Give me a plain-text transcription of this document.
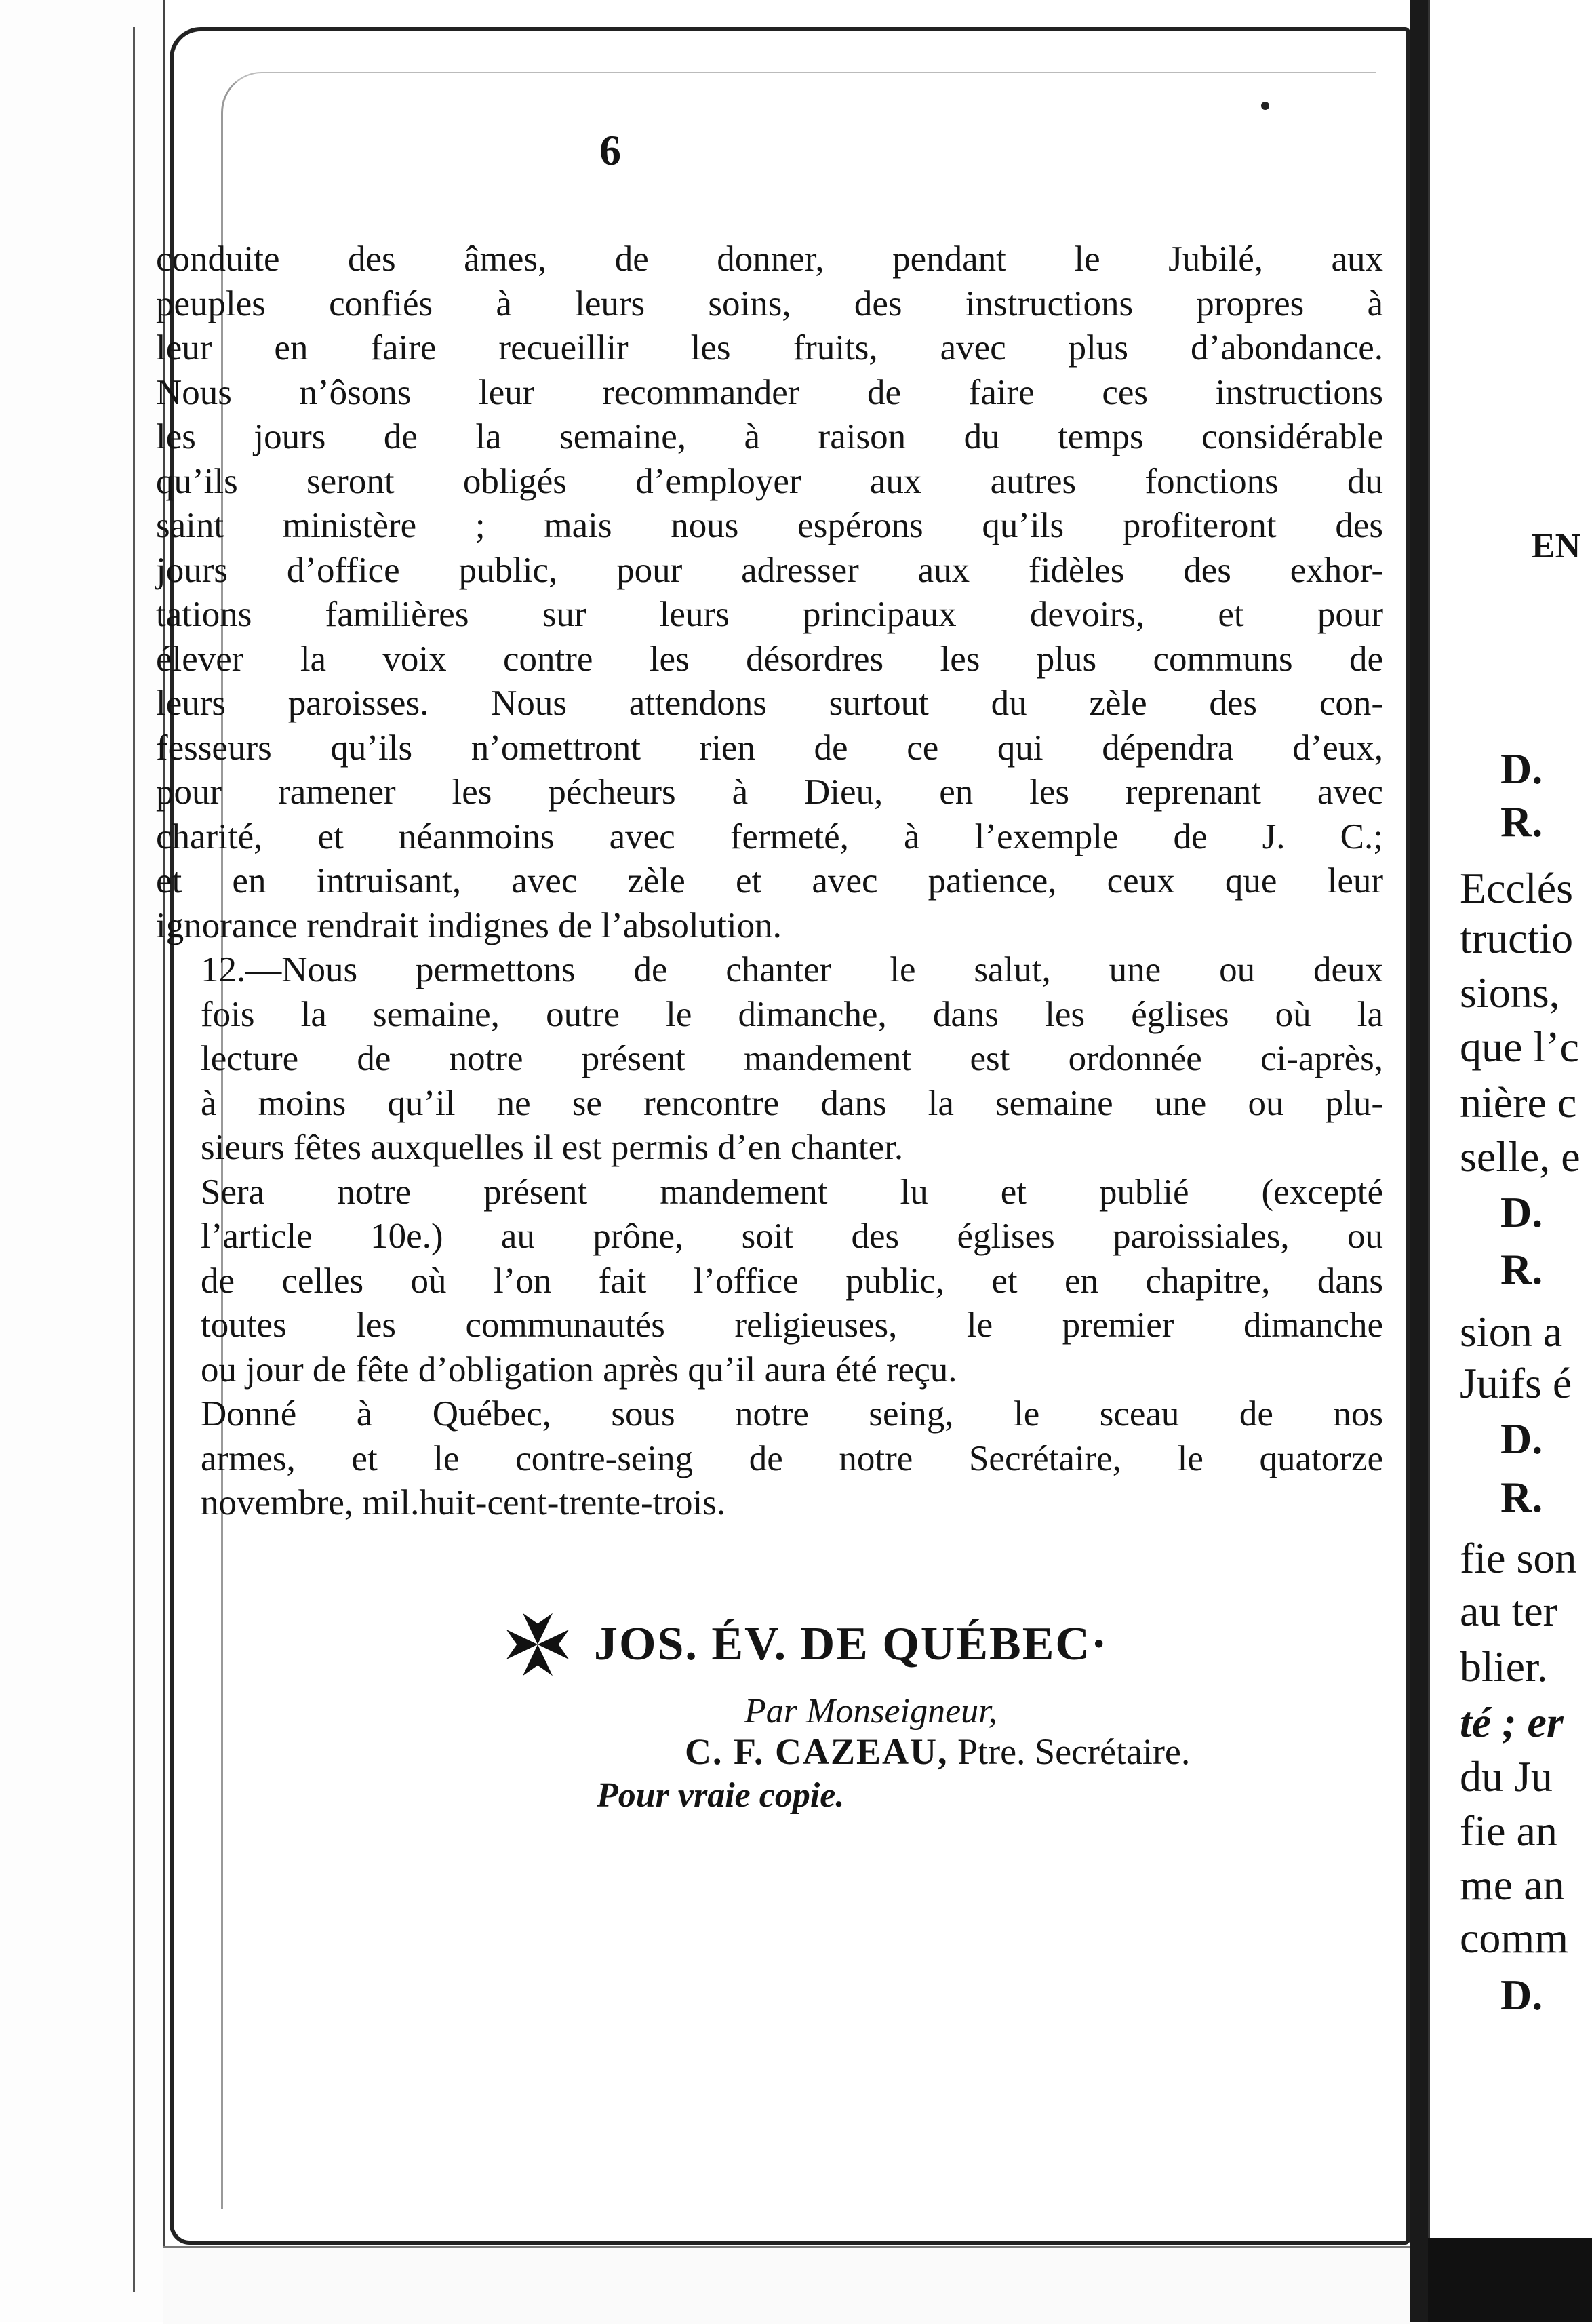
6

conduite des âmes, de donner, pendant le Jubilé, aux
peuples confiés à leurs soins, des instructions propres à
leur en faire recueillir les fruits, avec plus d’abondance.
Nous n’ôsons leur recommander de faire ces instructions
les jours de la semaine, à raison du temps considérable
qu’ils seront obligés d’employer aux autres fonctions du
saint ministère ; mais nous espérons qu’ils profiteront des
jours d’office public, pour adresser aux fidèles des exhor-
tations familières sur leurs principaux devoirs, et pour
élever la voix contre les désordres les plus communs de
leurs paroisses. Nous attendons surtout du zèle des con-
fesseurs qu’ils n’omettront rien de ce qui dépendra d’eux,
pour ramener les pécheurs à Dieu, en les reprenant avec
charité, et néanmoins avec fermeté, à l’exemple de J. C.;
et en intruisant, avec zèle et avec patience, ceux que leur
ignorance rendrait indignes de l’absolution.

12.—Nous permettons de chanter le salut, une ou deux
fois la semaine, outre le dimanche, dans les églises où la
lecture de notre présent mandement est ordonnée ci-après,
à moins qu’il ne se rencontre dans la semaine une ou plu-
sieurs fêtes auxquelles il est permis d’en chanter.

Sera notre présent mandement lu et publié (excepté
l’article 10e.) au prône, soit des églises paroissiales, ou
de celles où l’on fait l’office public, et en chapitre, dans
toutes les communautés religieuses, le premier dimanche
ou jour de fête d’obligation après qu’il aura été reçu.

Donné à Québec, sous notre seing, le sceau de nos
armes, et le contre-seing de notre Secrétaire, le quatorze
novembre, mil.huit-cent-trente-trois.

JOS. ÉV. DE QUÉBEC·
Par Monseigneur,
C. F. CAZEAU, Ptre. Secrétaire.
Pour vraie copie.
EN
D.
R.
Ecclés
tructio
sions,
que l’c
nière c
selle, e
D.
R.
sion a
Juifs é
D.
R.
fie son
au ter
blier.
té ; er
du Ju
fie an
me an
comm
D.
